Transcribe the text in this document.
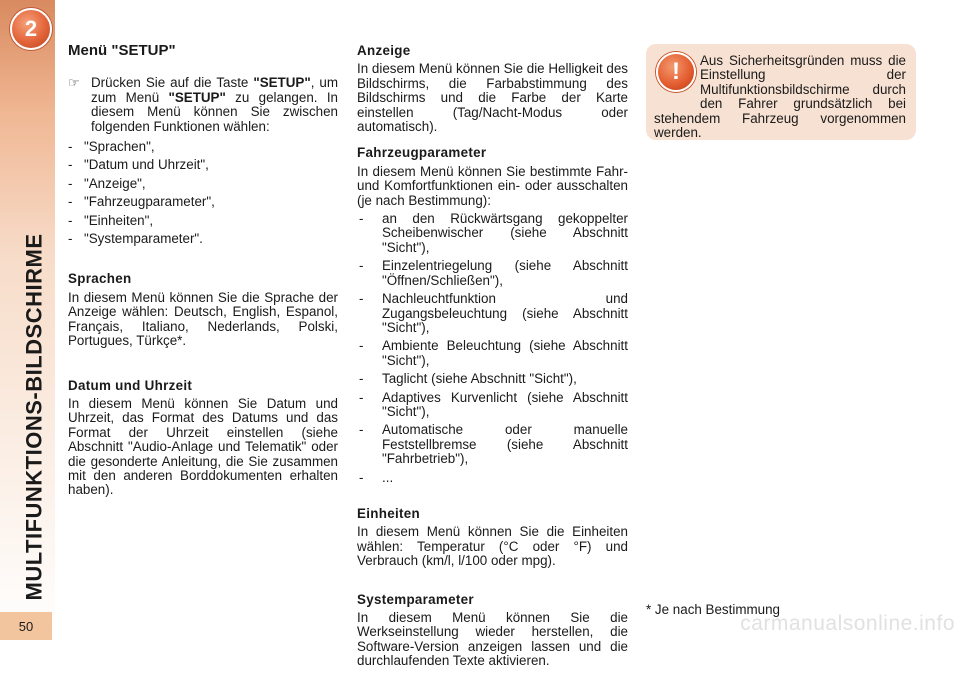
2
MULTIFUNKTIONS-BILDSCHIRME
50
Menü "SETUP"

☞ Drücken Sie auf die Taste "SETUP", um zum Menü "SETUP" zu gelangen. In diesem Menü können Sie zwischen folgenden Funktionen wählen:

- "Sprachen",
- "Datum und Uhrzeit",
- "Anzeige",
- "Fahrzeugparameter",
- "Einheiten",
- "Systemparameter".
Sprachen

In diesem Menü können Sie die Sprache der Anzeige wählen: Deutsch, English, Espanol, Français, Italiano, Nederlands, Polski, Portugues, Türkçe*.

Datum und Uhrzeit

In diesem Menü können Sie Datum und Uhrzeit, das Format des Datums und das Format der Uhrzeit einstellen (siehe Abschnitt "Audio-Anlage und Telematik" oder die gesonderte Anleitung, die Sie zusammen mit den anderen Borddokumenten erhalten haben).

Anzeige

In diesem Menü können Sie die Helligkeit des Bildschirms, die Farbabstimmung des Bildschirms und die Farbe der Karte einstellen (Tag/Nacht-Modus oder automatisch).

Fahrzeugparameter

In diesem Menü können Sie bestimmte Fahr- und Komfortfunktionen ein- oder ausschalten (je nach Bestimmung):

- an den Rückwärtsgang gekoppelter Scheibenwischer (siehe Abschnitt "Sicht"),
- Einzelentriegelung (siehe Abschnitt "Öffnen/Schließen"),
- Nachleuchtfunktion und Zugangsbeleuchtung (siehe Abschnitt "Sicht"),
- Ambiente Beleuchtung (siehe Abschnitt "Sicht"),
- Taglicht (siehe Abschnitt "Sicht"),
- Adaptives Kurvenlicht (siehe Abschnitt "Sicht"),
- Automatische oder manuelle Feststellbremse (siehe Abschnitt "Fahrbetrieb"),
- ...
Einheiten

In diesem Menü können Sie die Einheiten wählen: Temperatur (°C oder °F) und Verbrauch (km/l, l/100 oder mpg).

Systemparameter

In diesem Menü können Sie die Werkseinstellung wieder herstellen, die Software-Version anzeigen lassen und die durchlaufenden Texte aktivieren.

!	Aus Sicherheitsgründen muss die Einstellung der Multifunktionsbildschirme durch den Fahrer grundsätzlich bei stehendem Fahrzeug vorgenommen werden.
* Je nach Bestimmung
carmanualsonline.info
